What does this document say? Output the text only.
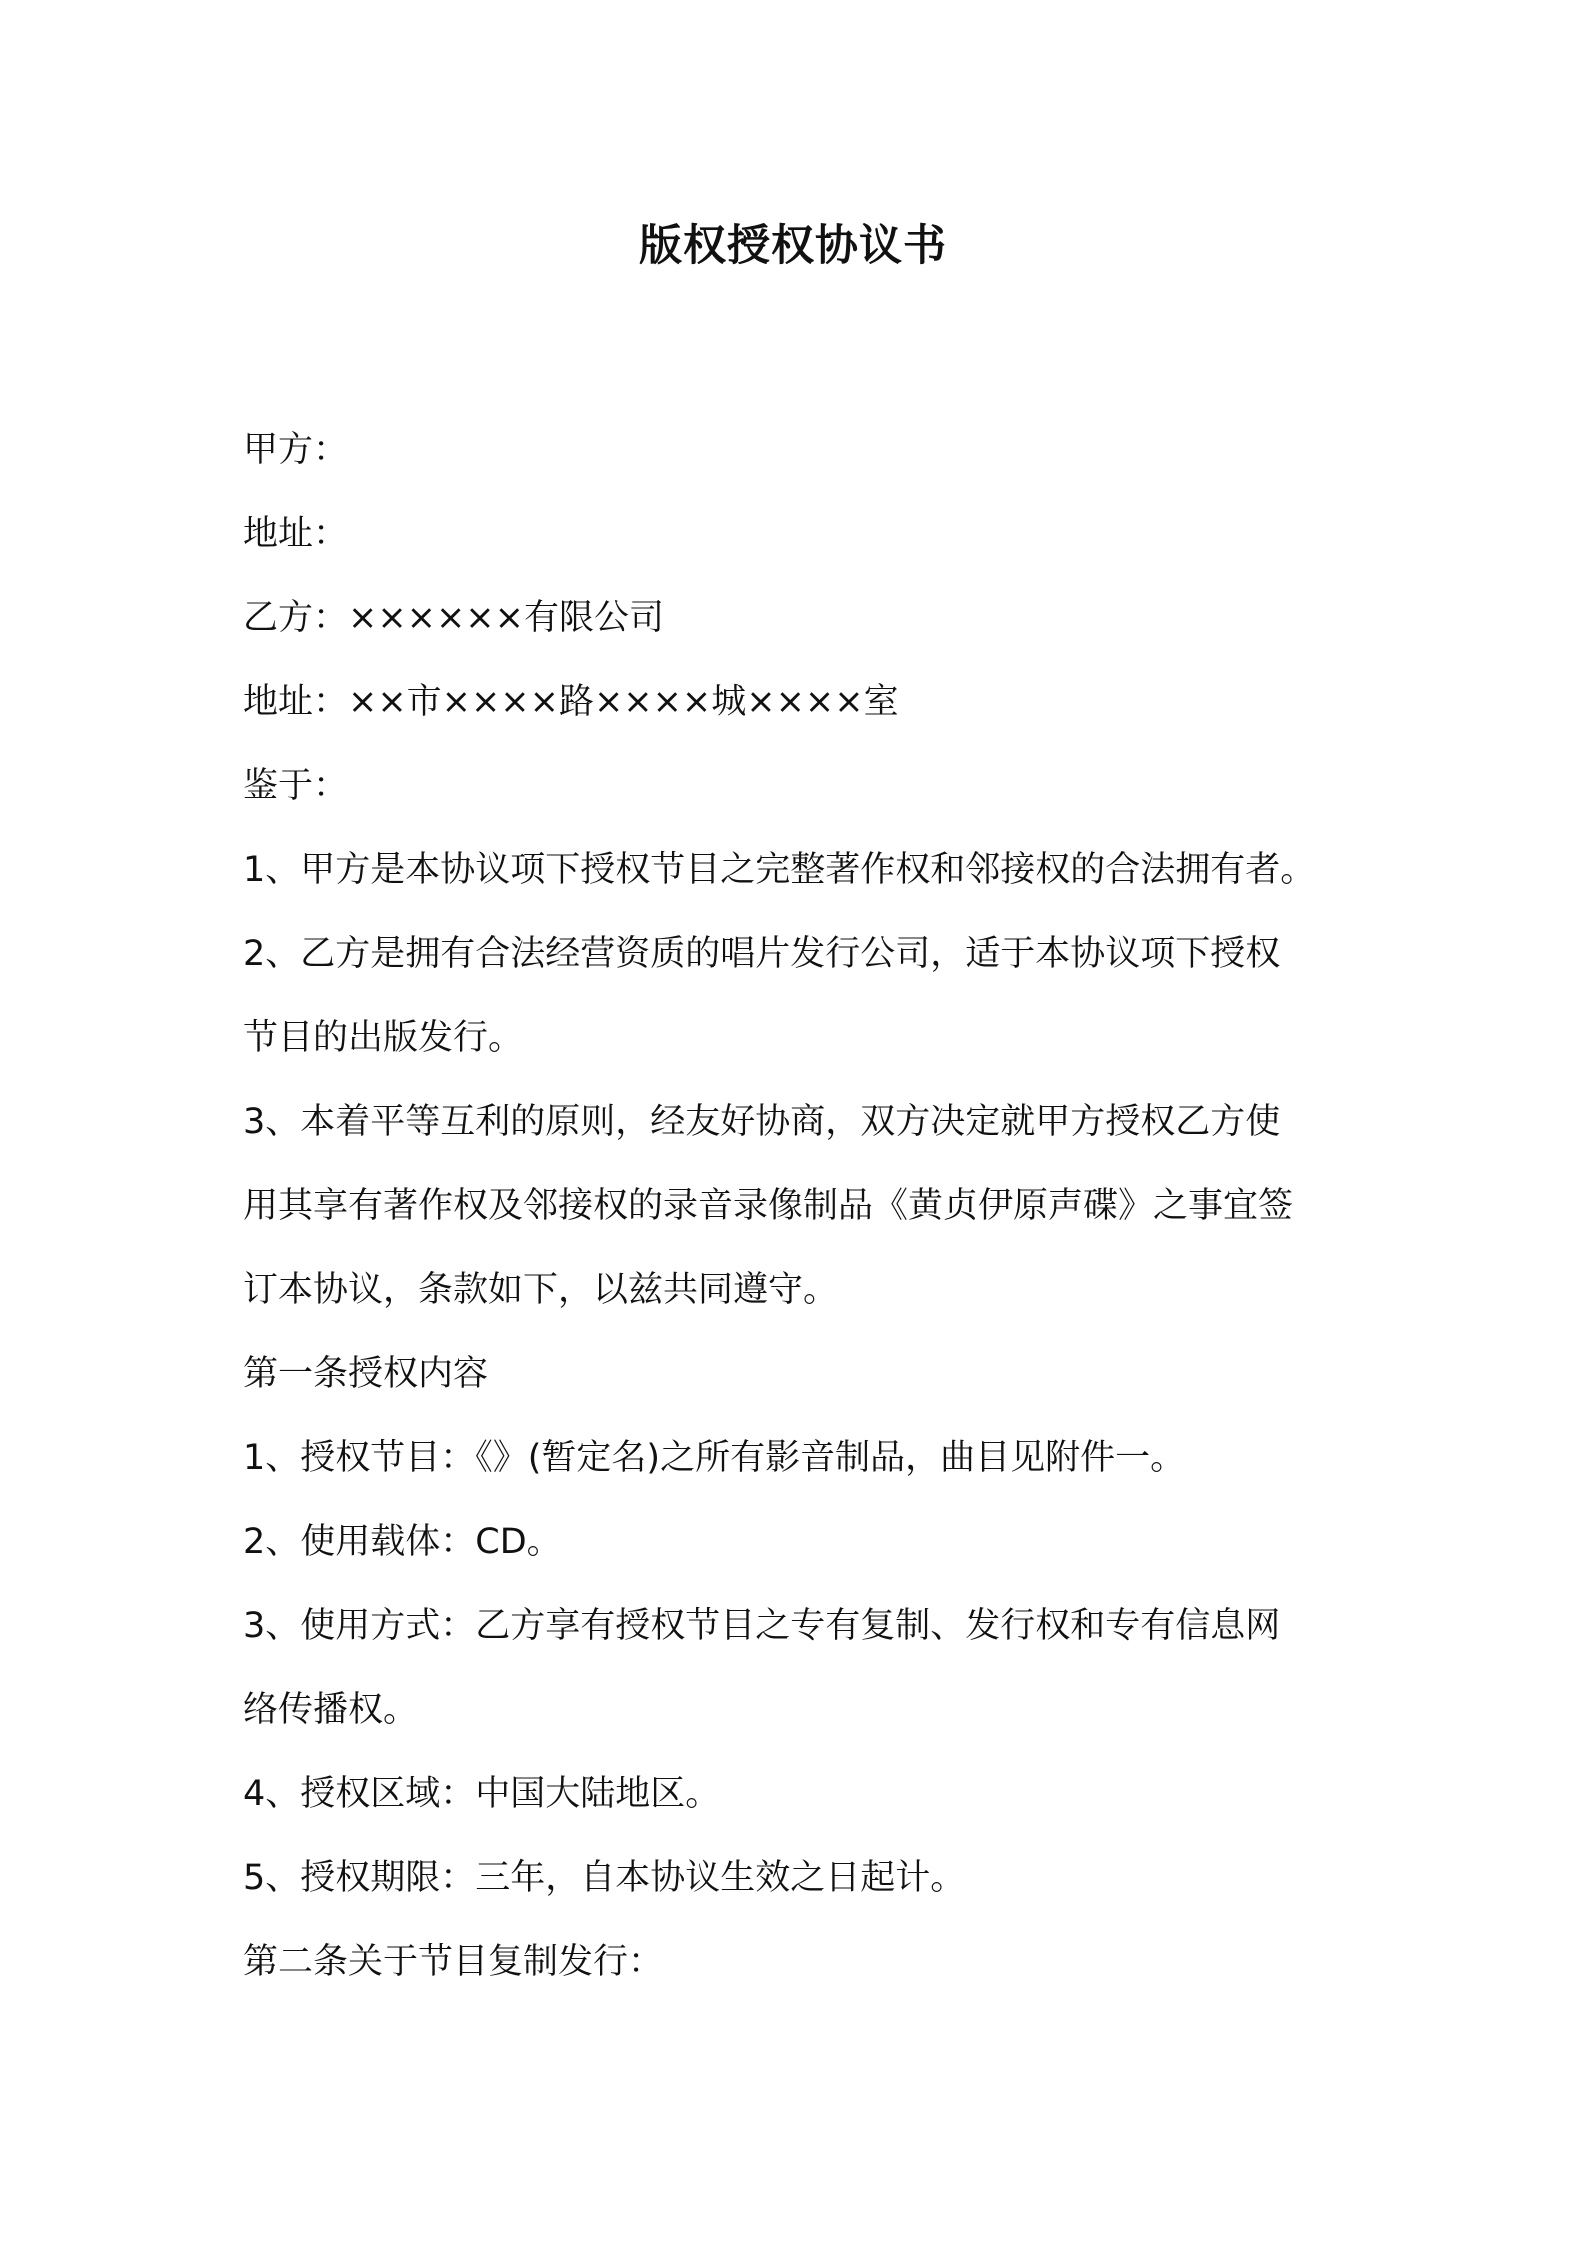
版权授权协议书
甲方：
地址：
乙方：××××××有限公司
地址：××市××××路××××城××××室
鉴于：
1、甲方是本协议项下授权节目之完整著作权和邻接权的合法拥有者。
2、乙方是拥有合法经营资质的唱片发行公司，适于本协议项下授权
节目的出版发行。
3、本着平等互利的原则，经友好协商，双方决定就甲方授权乙方使
用其享有著作权及邻接权的录音录像制品《黄贞伊原声碟》之事宜签
订本协议，条款如下，以兹共同遵守。
第一条授权内容
1、授权节目：《》(暂定名)之所有影音制品，曲目见附件一。
2、使用载体：CD。
3、使用方式：乙方享有授权节目之专有复制、发行权和专有信息网
络传播权。
4、授权区域：中国大陆地区。
5、授权期限：三年，自本协议生效之日起计。
第二条关于节目复制发行：
